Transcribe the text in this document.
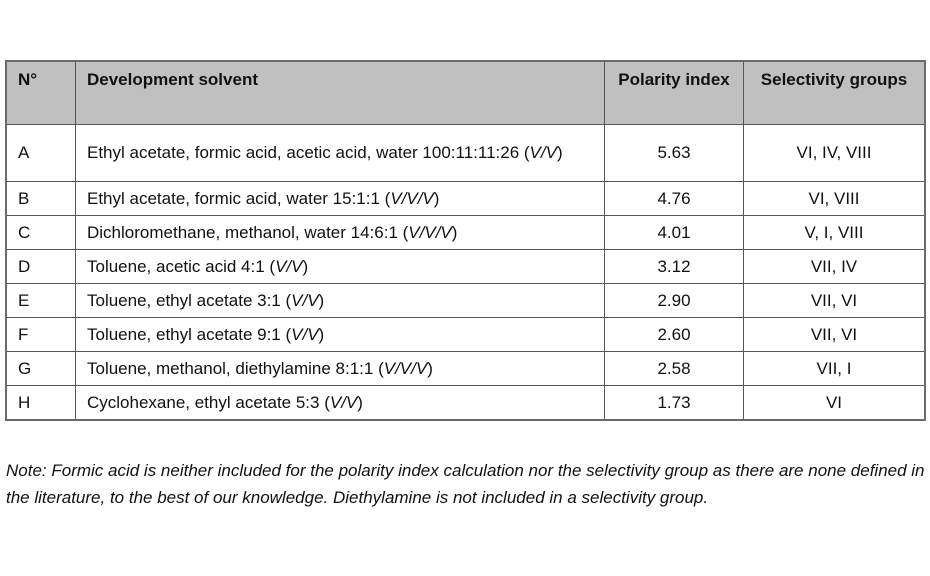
N°	Development solvent	Polarity index	Selectivity groups
A	Ethyl acetate, formic acid, acetic acid, water 100:11:11:26 (V/V)	5.63	VI, IV, VIII
B	Ethyl acetate, formic acid, water 15:1:1 (V/V/V)	4.76	VI, VIII
C	Dichloromethane, methanol, water 14:6:1 (V/V/V)	4.01	V, I, VIII
D	Toluene, acetic acid 4:1 (V/V)	3.12	VII, IV
E	Toluene, ethyl acetate 3:1 (V/V)	2.90	VII, VI
F	Toluene, ethyl acetate 9:1 (V/V)	2.60	VII, VI
G	Toluene, methanol, diethylamine 8:1:1 (V/V/V)	2.58	VII, I
H	Cyclohexane, ethyl acetate 5:3 (V/V)	1.73	VI

Note: Formic acid is neither included for the polarity index calculation nor the selectivity group as there are none defined in the literature, to the best of our knowledge. Diethylamine is not included in a selectivity group.
